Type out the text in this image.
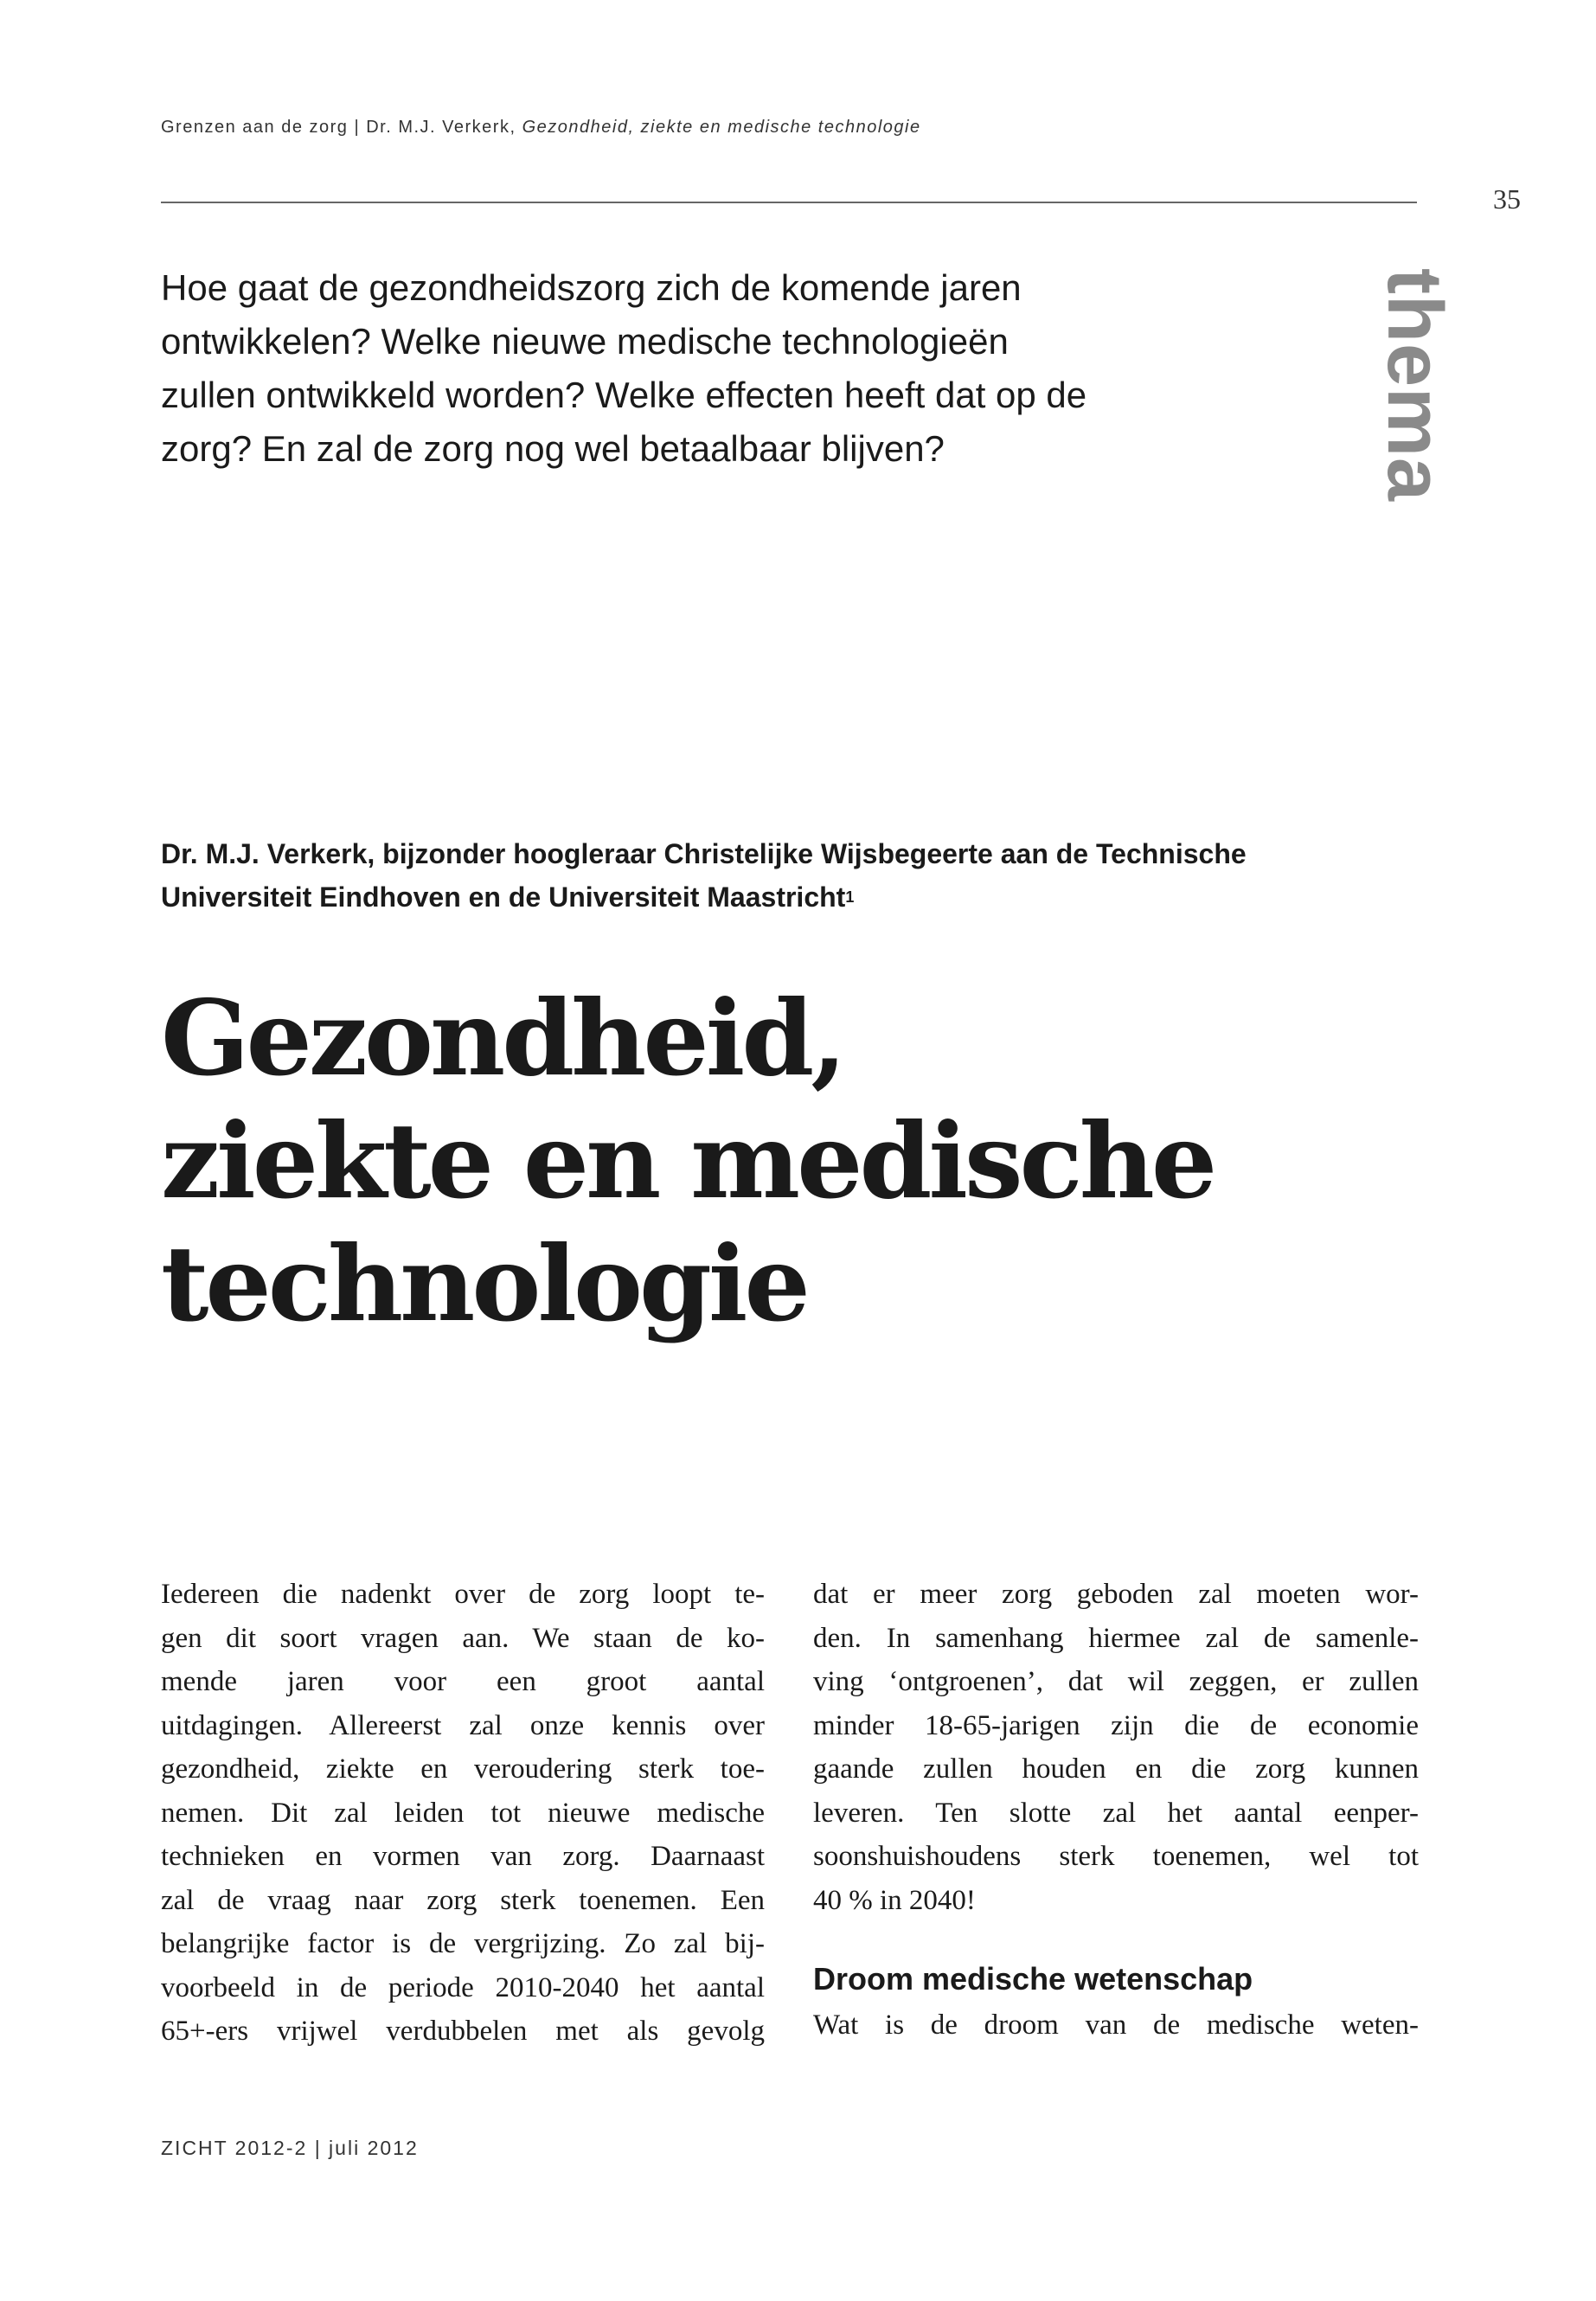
Grenzen aan de zorg | Dr. M.J. Verkerk, Gezondheid, ziekte en medische technologie
35
thema

Hoe gaat de gezondheidszorg zich de komende jaren

ontwikkelen? Welke nieuwe medische technologieën

zullen ontwikkeld worden? Welke effecten heeft dat op de

zorg? En zal de zorg nog wel betaalbaar blijven?

Dr. M.J. Verkerk, bijzonder hoogleraar Christelijke Wijsbegeerte aan de Technische

Universiteit Eindhoven en de Universiteit Maastricht$^1$

Gezondheid,

ziekte en medische

technologie

Iedereen die nadenkt over de zorg loopt te-

gen dit soort vragen aan. We staan de ko-

mende jaren voor een groot aantal

uitdagingen. Allereerst zal onze kennis over

gezondheid, ziekte en veroudering sterk toe-

nemen. Dit zal leiden tot nieuwe medische

technieken en vormen van zorg. Daarnaast

zal de vraag naar zorg sterk toenemen. Een

belangrijke factor is de vergrijzing. Zo zal bij-

voorbeeld in de periode 2010-2040 het aantal

65+-ers vrijwel verdubbelen met als gevolg

dat er meer zorg geboden zal moeten wor-

den. In samenhang hiermee zal de samenle-

ving ‘ontgroenen’, dat wil zeggen, er zullen

minder 18-65-jarigen zijn die de economie

gaande zullen houden en die zorg kunnen

leveren. Ten slotte zal het aantal eenper-

soonshuishoudens sterk toenemen, wel tot

40 % in 2040!

Droom medische wetenschap

Wat is de droom van de medische weten-

ZICHT 2012-2 | juli 2012
